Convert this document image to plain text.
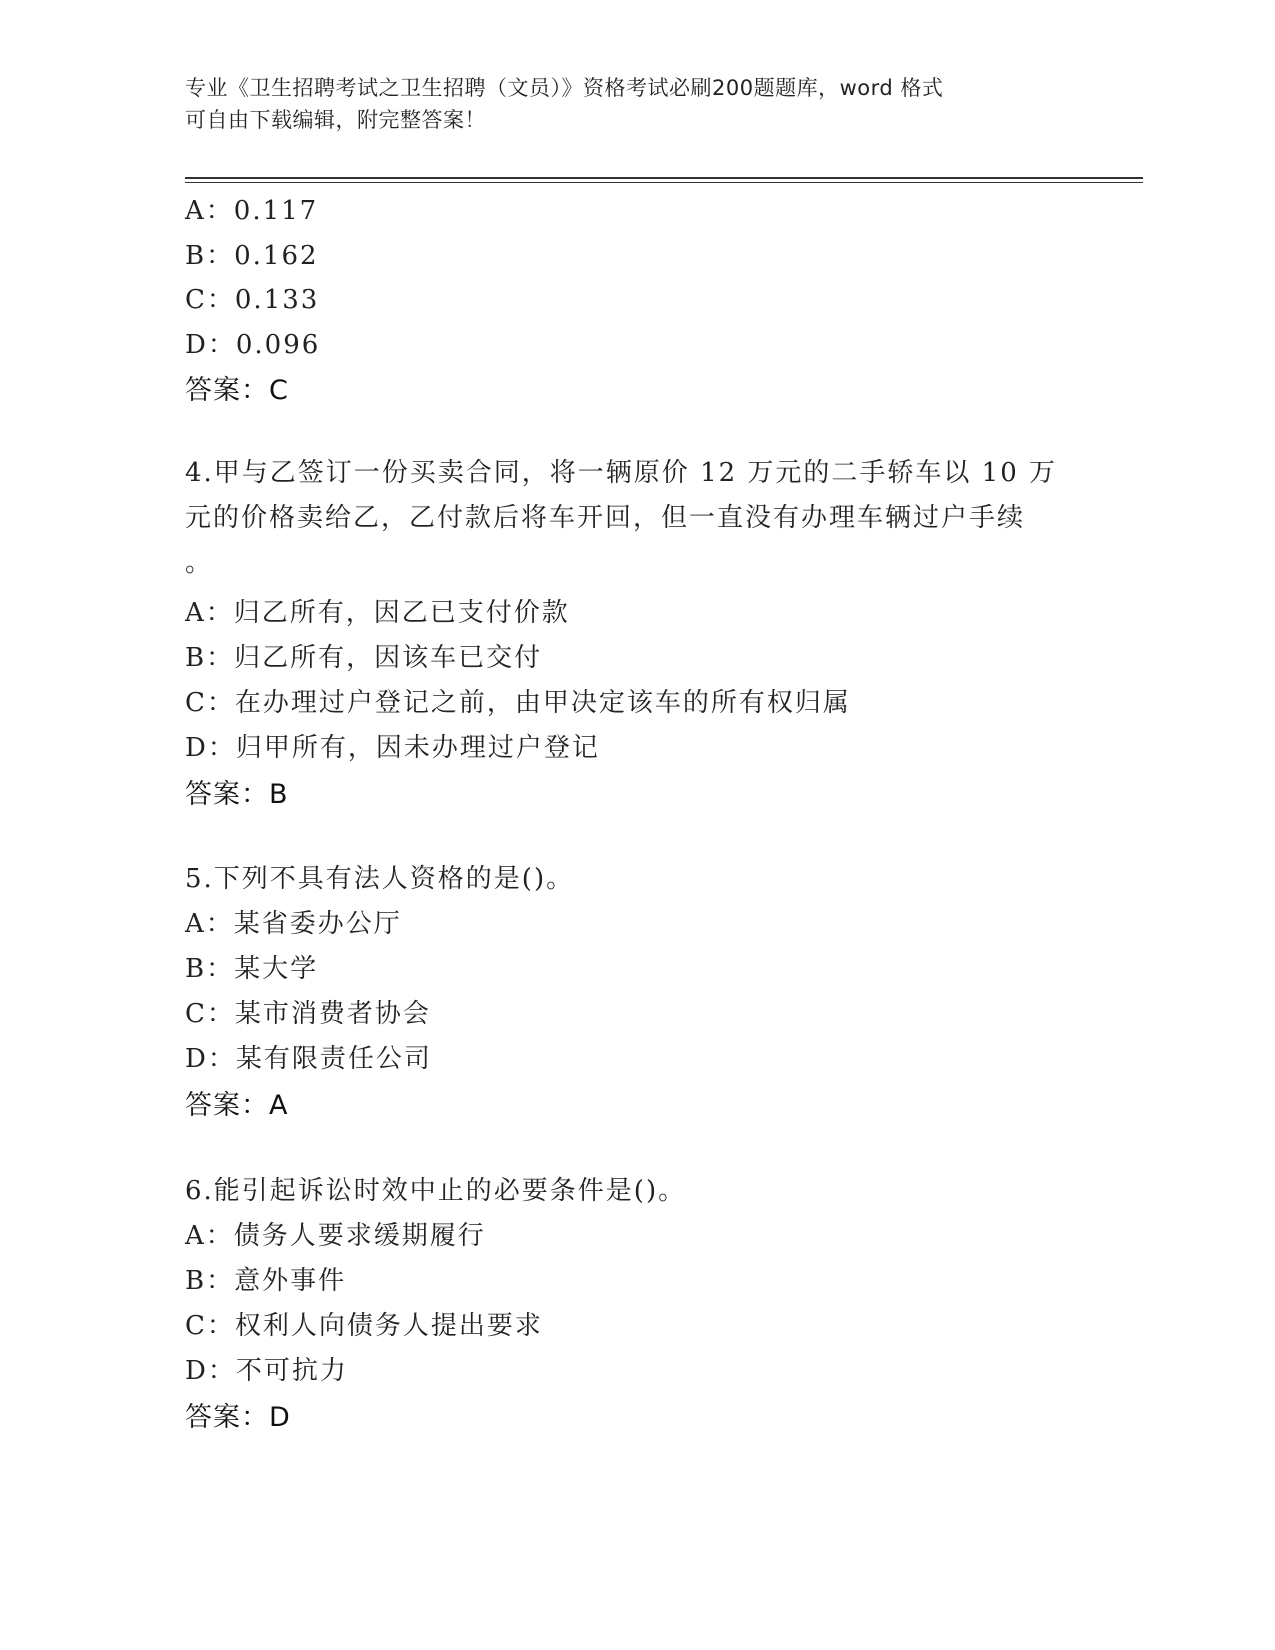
专业《卫生招聘考试之卫生招聘（文员）》资格考试必刷200题题库，word 格式
可自由下载编辑，附完整答案！
A：0.117
B：0.162
C：0.133
D：0.096
答案：C
4.甲与乙签订一份买卖合同，将一辆原价 12 万元的二手轿车以 10 万
元的价格卖给乙，乙付款后将车开回，但一直没有办理车辆过户手续
。
A：归乙所有，因乙已支付价款
B：归乙所有，因该车已交付
C：在办理过户登记之前，由甲决定该车的所有权归属
D：归甲所有，因未办理过户登记
答案：B
5.下列不具有法人资格的是()。
A：某省委办公厅
B：某大学
C：某市消费者协会
D：某有限责任公司
答案：A
6.能引起诉讼时效中止的必要条件是()。
A：债务人要求缓期履行
B：意外事件
C：权利人向债务人提出要求
D：不可抗力
答案：D
